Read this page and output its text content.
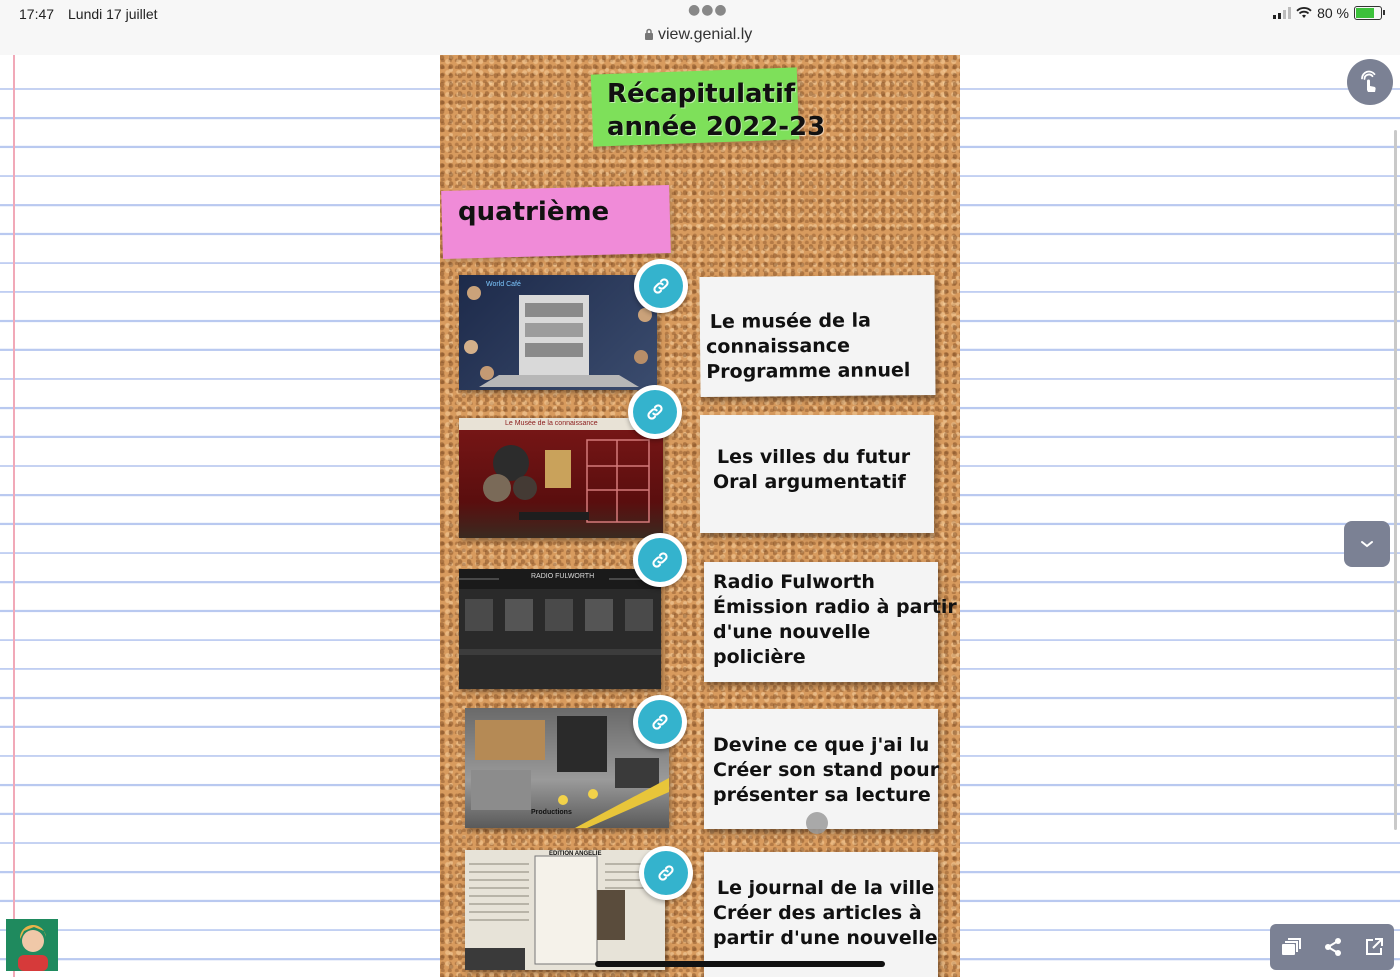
17:47 Lundi 17 juillet	●●●
view.genial.ly
80 %
Récapitulatif
année 2022-23
quatrième
World Café
Le musée de la
connaissance
Programme annuel
Le Musée de la connaissance
Les villes du futur
Oral argumentatif
RADIO FULWORTH	Radio Fulworth
Émission radio à partir
d'une nouvelle
policière
Productions
Devine ce que j'ai lu
Créer son stand pour
présenter sa lecture
ÉDITION ANGELIE
Le journal de la ville
Créer des articles à
partir d'une nouvelle
